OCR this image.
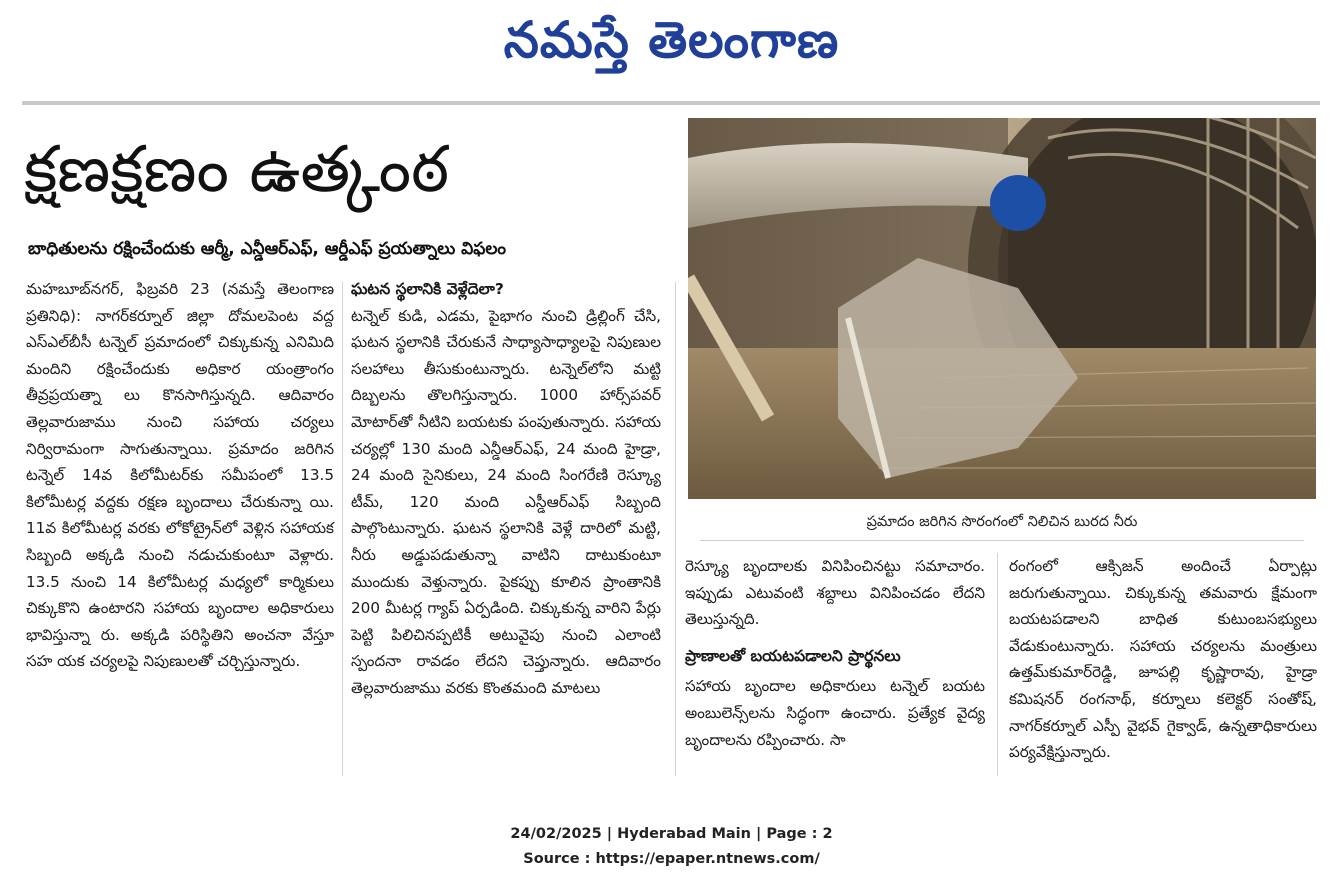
నమస్తే తెలంగాణ
క్షణక్షణం ఉత్కంఠ
బాధితులను రక్షించేందుకు ఆర్మీ, ఎన్డీఆర్ఎఫ్, ఆర్డీఎఫ్ ప్రయత్నాలు విఫలం

మహబూబ్‌నగర్, ఫిబ్రవరి 23 (నమస్తే తెలంగాణ ప్రతినిధి): నాగర్‌కర్నూల్ జిల్లా దోమలపెంట వద్ద ఎస్‌ఎల్‌బీసీ టన్నెల్ ప్రమాదంలో చిక్కుకున్న ఎనిమిది మందిని రక్షించేందుకు అధికార యంత్రాంగం తీవ్రప్రయత్నా లు కొనసాగిస్తున్నది. ఆదివారం తెల్లవారుజాము నుంచి సహాయ చర్యలు నిర్విరామంగా సాగుతున్నాయి. ప్రమాదం జరిగిన టన్నెల్ 14వ కిలోమీటర్‌కు సమీపంలో 13.5 కిలోమీటర్ల వద్దకు రక్షణ బృందాలు చేరుకున్నా యి. 11వ కిలోమీటర్ల వరకు లోకోట్రైన్‌లో వెళ్లిన సహాయక సిబ్బంది అక్కడి నుంచి నడుచుకుంటూ వెళ్లారు. 13.5 నుంచి 14 కిలోమీటర్ల మధ్యలో కార్మికులు చిక్కుకొని ఉంటారని సహాయ బృందాల అధికారులు భావిస్తున్నా రు. అక్కడి పరిస్థితిని అంచనా వేస్తూ సహ యక చర్యలపై నిపుణులతో చర్చిస్తున్నారు.

ఘటన స్థలానికి వెళ్లేదెలా?

టన్నెల్ కుడి, ఎడమ, పైభాగం నుంచి డ్రిల్లింగ్ చేసి, ఘటన స్థలానికి చేరుకునే సాధ్యాసాధ్యాలపై నిపుణుల సలహాలు తీసుకుంటున్నారు. టన్నెల్‌లోని మట్టి దిబ్బలను తొలగిస్తున్నారు. 1000 హార్స్‌పవర్ మోటార్‌తో నీటిని బయటకు పంపుతున్నారు. సహాయ చర్యల్లో 130 మంది ఎన్డీఆర్ఎఫ్, 24 మంది హైడ్రా, 24 మంది సైనికులు, 24 మంది సింగరేణి రెస్క్యూ టీమ్, 120 మంది ఎస్డీఆర్ఎఫ్ సిబ్బంది పాల్గొంటున్నారు. ఘటన స్థలానికి వెళ్లే దారిలో మట్టి, నీరు అడ్డుపడుతున్నా వాటిని దాటుకుంటూ ముందుకు వెళ్తున్నారు. పైకప్పు కూలిన ప్రాంతానికి 200 మీటర్ల గ్యాప్ ఏర్పడింది. చిక్కుకున్న వారిని పేర్లు పెట్టి పిలిచినప్పటికీ అటువైపు నుంచి ఎలాంటి స్పందనా రావడం లేదని చెప్తున్నారు. ఆదివారం తెల్లవారుజాము వరకు కొంతమంది మాటలు

ప్రమాదం జరిగిన సొరంగంలో నిలిచిన బురద నీరు

రెస్క్యూ బృందాలకు వినిపించినట్టు సమాచారం. ఇప్పుడు ఎటువంటి శబ్దాలు వినిపించడం లేదని తెలుస్తున్నది.

ప్రాణాలతో బయటపడాలని ప్రార్థనలు

సహాయ బృందాల అధికారులు టన్నెల్ బయట అంబులెన్స్‌లను సిద్ధంగా ఉంచారు. ప్రత్యేక వైద్య బృందాలను రప్పించారు. సా

రంగంలో ఆక్సిజన్ అందించే ఏర్పాట్లు జరుగుతున్నాయి. చిక్కుకున్న తమవారు క్షేమంగా బయటపడాలని బాధిత కుటుంబసభ్యులు వేడుకుంటున్నారు. సహాయ చర్యలను మంత్రులు ఉత్తమ్‌కుమార్‌రెడ్డి, జూపల్లి కృష్ణారావు, హైడ్రా కమిషనర్ రంగనాథ్, కర్నూలు కలెక్టర్ సంతోష్, నాగర్‌కర్నూల్ ఎస్పీ వైభవ్ గైక్వాడ్, ఉన్నతాధికారులు పర్యవేక్షిస్తున్నారు.

24/02/2025 | Hyderabad Main | Page : 2
Source : https://epaper.ntnews.com/
